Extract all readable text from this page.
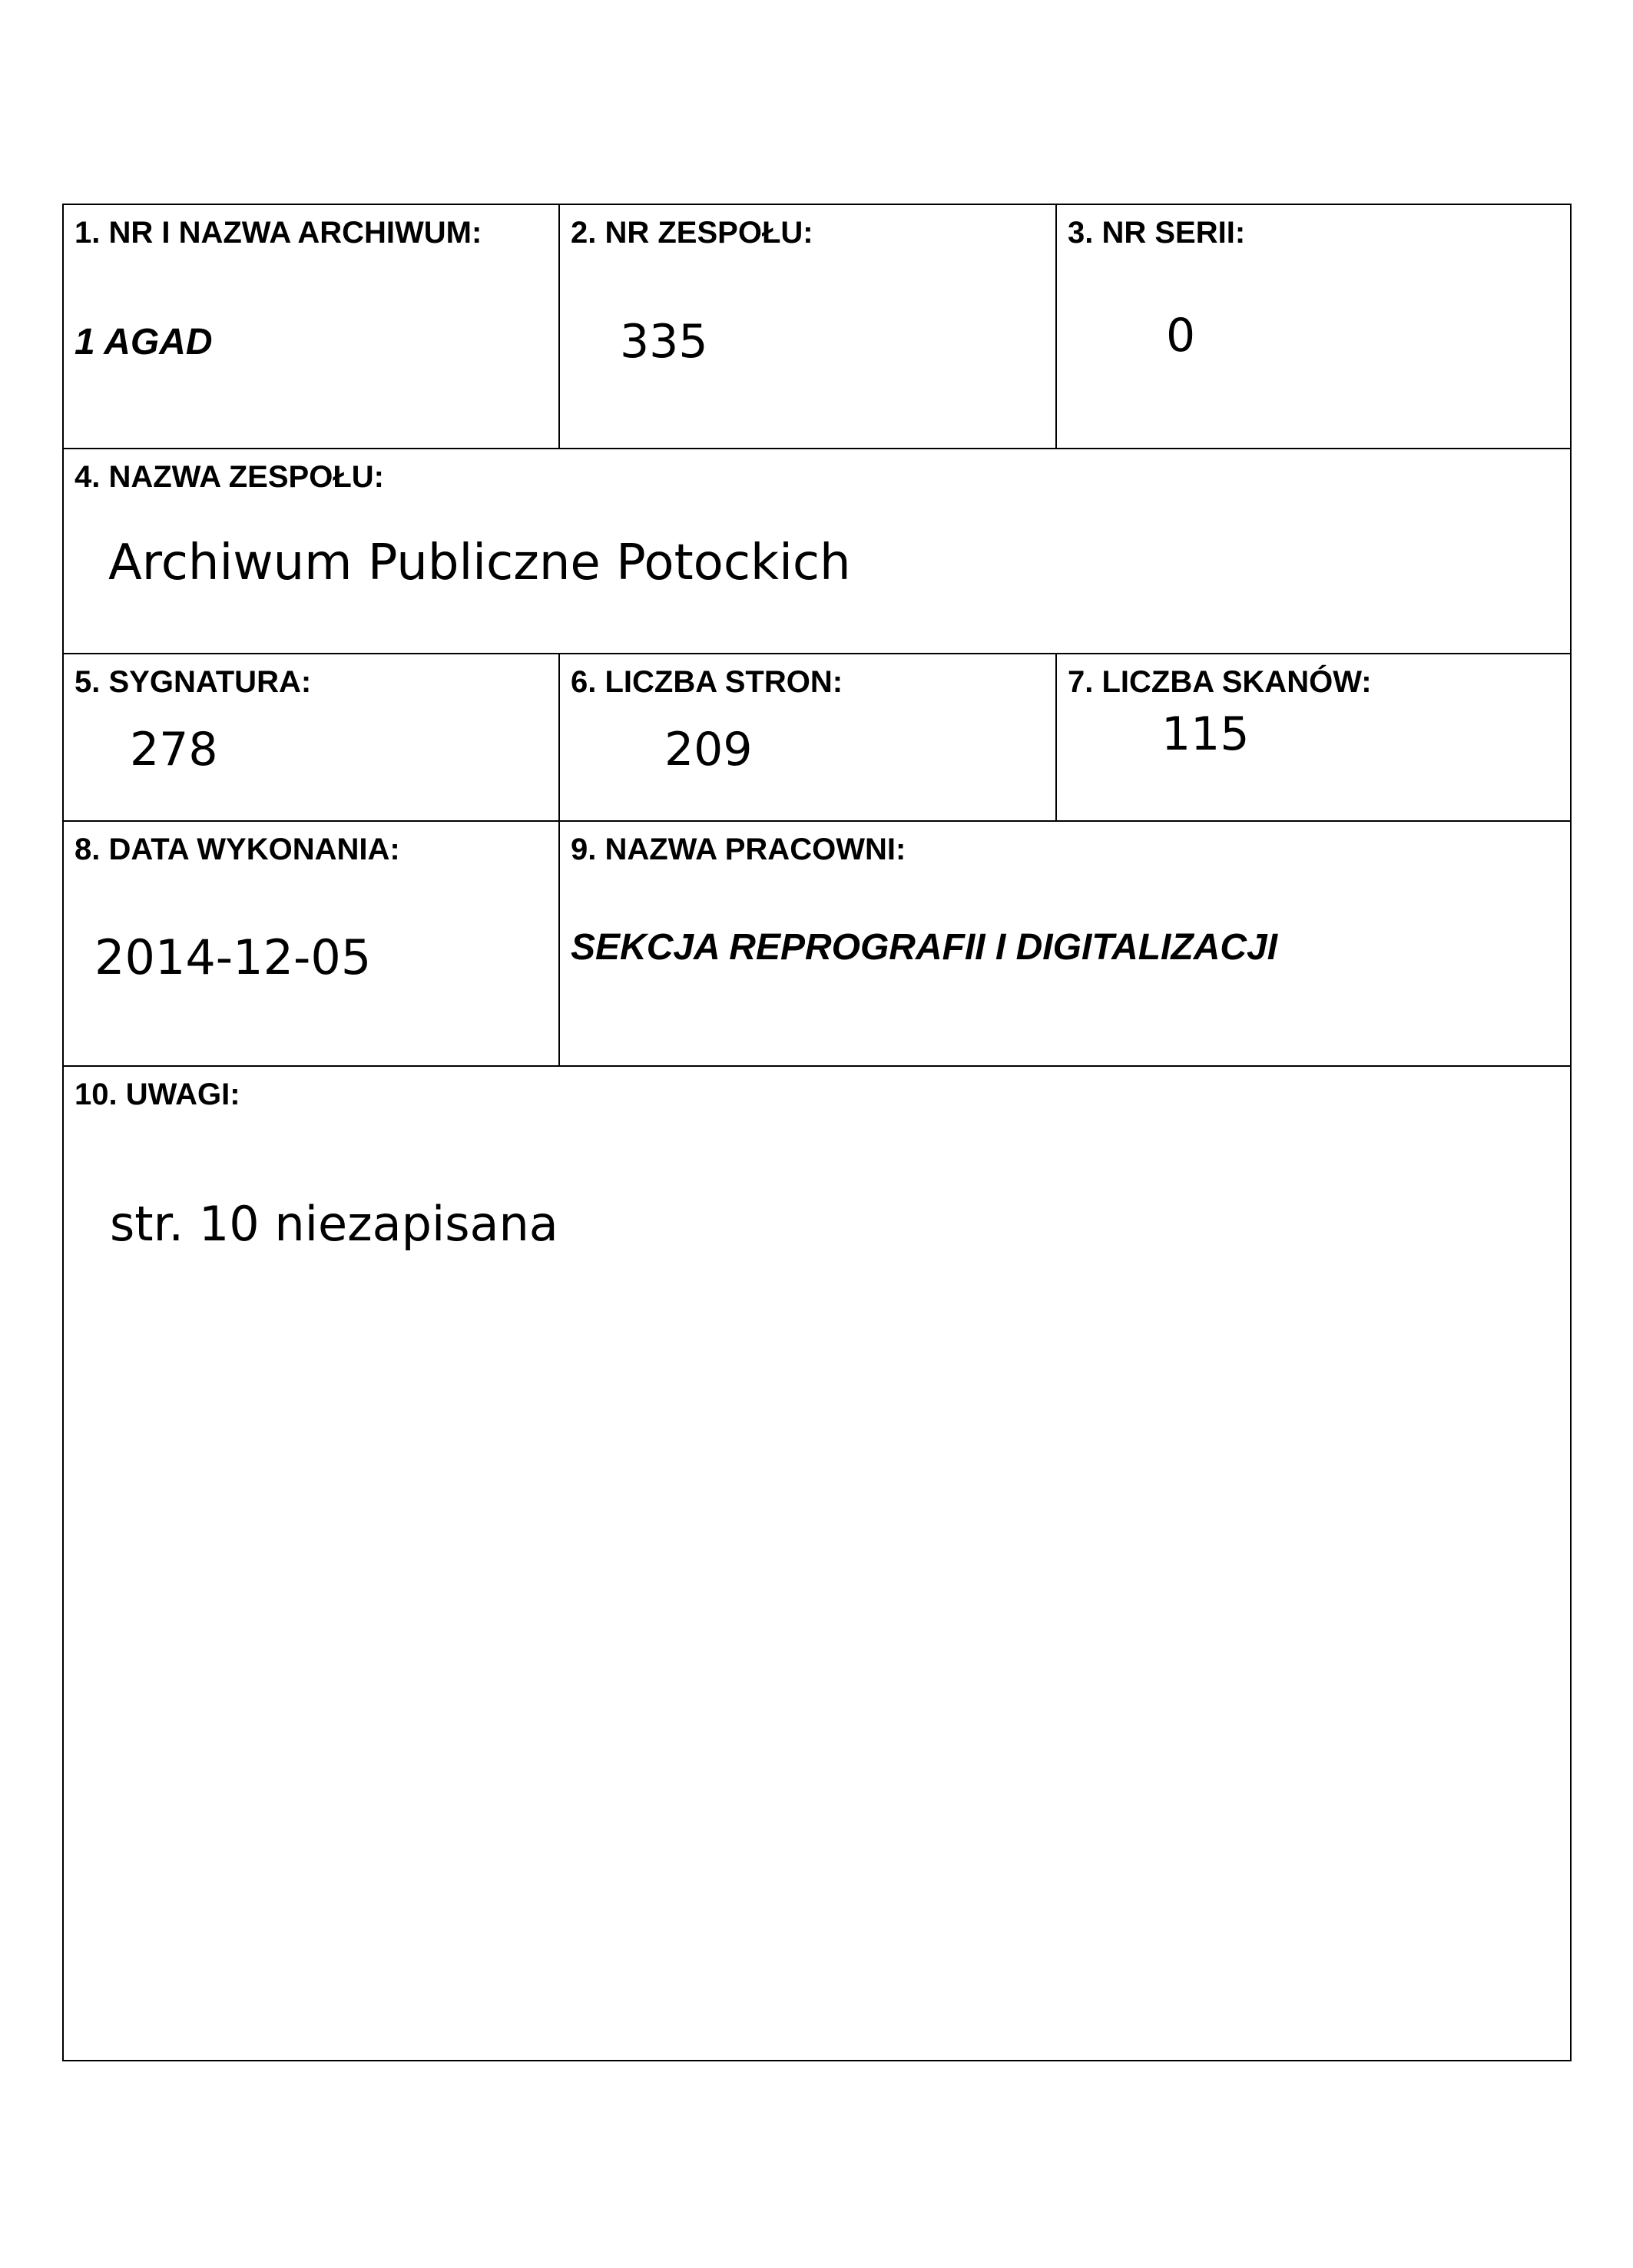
1. NR I NAZWA ARCHIWUM:
1 AGAD
2. NR ZESPOŁU:
335
3. NR SERII:
0
4. NAZWA ZESPOŁU:
Archiwum Publiczne Potockich
5. SYGNATURA:
278
6. LICZBA STRON:
209
7. LICZBA SKANÓW:
115
8. DATA WYKONANIA:
2014-12-05
9. NAZWA PRACOWNI:
SEKCJA REPROGRAFII I DIGITALIZACJI
10. UWAGI:
str. 10 niezapisana
